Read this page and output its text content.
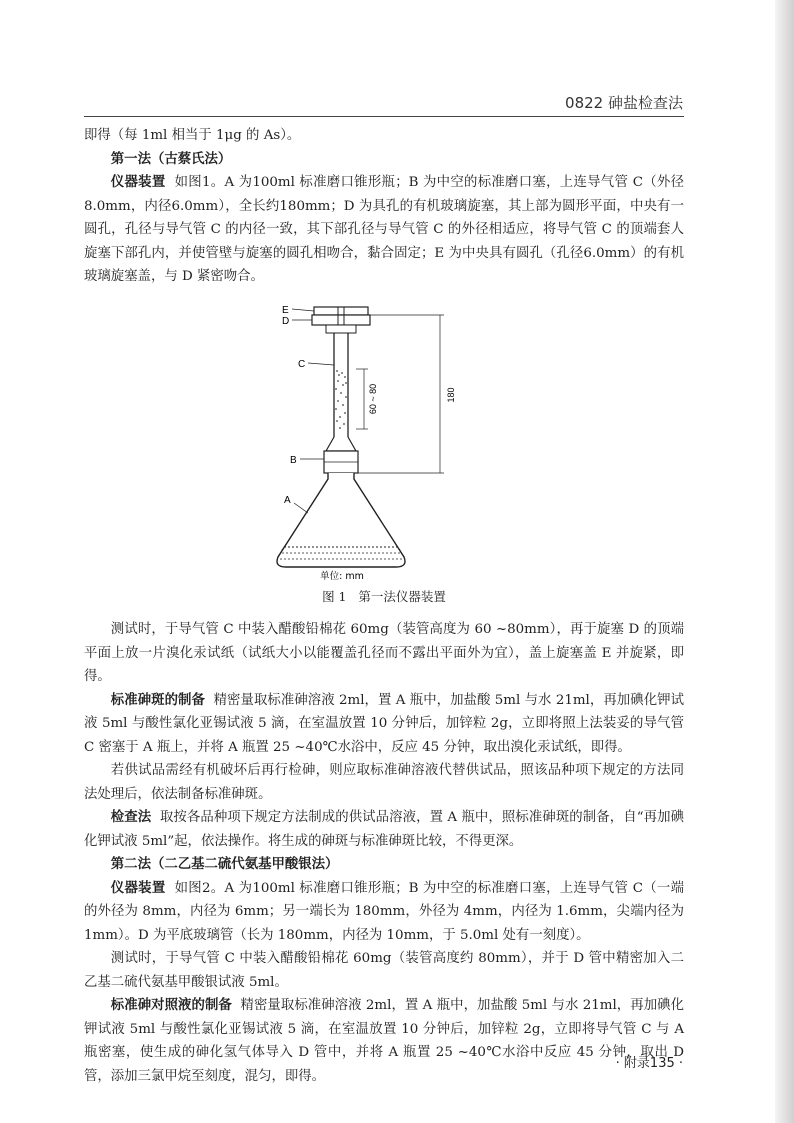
0822 砷盐检查法

即得（每 1ml 相当于 1μg 的 As）。

第一法（古蔡氏法）

仪器装置 如图1。A 为100ml 标准磨口锥形瓶；B 为中空的标准磨口塞，上连导气管 C（外径8.0mm，内径6.0mm），全长约180mm；D 为具孔的有机玻璃旋塞，其上部为圆形平面，中央有一圆孔，孔径与导气管 C 的内径一致，其下部孔径与导气管 C 的外径相适应，将导气管 C 的顶端套人旋塞下部孔内，并使管壁与旋塞的圆孔相吻合，黏合固定；E 为中央具有圆孔（孔径6.0mm）的有机玻璃旋塞盖，与 D 紧密吻合。

E
D
C
B
A
60 ~ 80	180
单位: mm
图 1 第一法仪器装置

测试时，于导气管 C 中装入醋酸铅棉花 60mg（装管高度为 60 ~80mm），再于旋塞 D 的顶端平面上放一片溴化汞试纸（试纸大小以能覆盖孔径而不露出平面外为宜），盖上旋塞盖 E 并旋紧，即得。

标准砷斑的制备 精密量取标准砷溶液 2ml，置 A 瓶中，加盐酸 5ml 与水 21ml，再加碘化钾试液 5ml 与酸性氯化亚锡试液 5 滴，在室温放置 10 分钟后，加锌粒 2g，立即将照上法装妥的导气管 C 密塞于 A 瓶上，并将 A 瓶置 25 ~40℃水浴中，反应 45 分钟，取出溴化汞试纸，即得。

若供试品需经有机破坏后再行检砷，则应取标准砷溶液代替供试品，照该品种项下规定的方法同法处理后，依法制备标准砷斑。

检查法 取按各品种项下规定方法制成的供试品溶液，置 A 瓶中，照标准砷斑的制备，自“再加碘化钾试液 5ml”起，依法操作。将生成的砷斑与标准砷斑比较，不得更深。

第二法（二乙基二硫代氨基甲酸银法）

仪器装置 如图2。A 为100ml 标准磨口锥形瓶；B 为中空的标准磨口塞，上连导气管 C（一端的外径为 8mm，内径为 6mm；另一端长为 180mm，外径为 4mm，内径为 1.6mm，尖端内径为 1mm）。D 为平底玻璃管（长为 180mm，内径为 10mm，于 5.0ml 处有一刻度）。

测试时，于导气管 C 中装入醋酸铅棉花 60mg（装管高度约 80mm），并于 D 管中精密加入二乙基二硫代氨基甲酸银试液 5ml。

标准砷对照液的制备 精密量取标准砷溶液 2ml，置 A 瓶中，加盐酸 5ml 与水 21ml，再加碘化钾试液 5ml 与酸性氯化亚锡试液 5 滴，在室温放置 10 分钟后，加锌粒 2g，立即将导气管 C 与 A 瓶密塞，使生成的砷化氢气体导入 D 管中，并将 A 瓶置 25 ~40℃水浴中反应 45 分钟，取出 D 管，添加三氯甲烷至刻度，混匀，即得。

· 附录135 ·
